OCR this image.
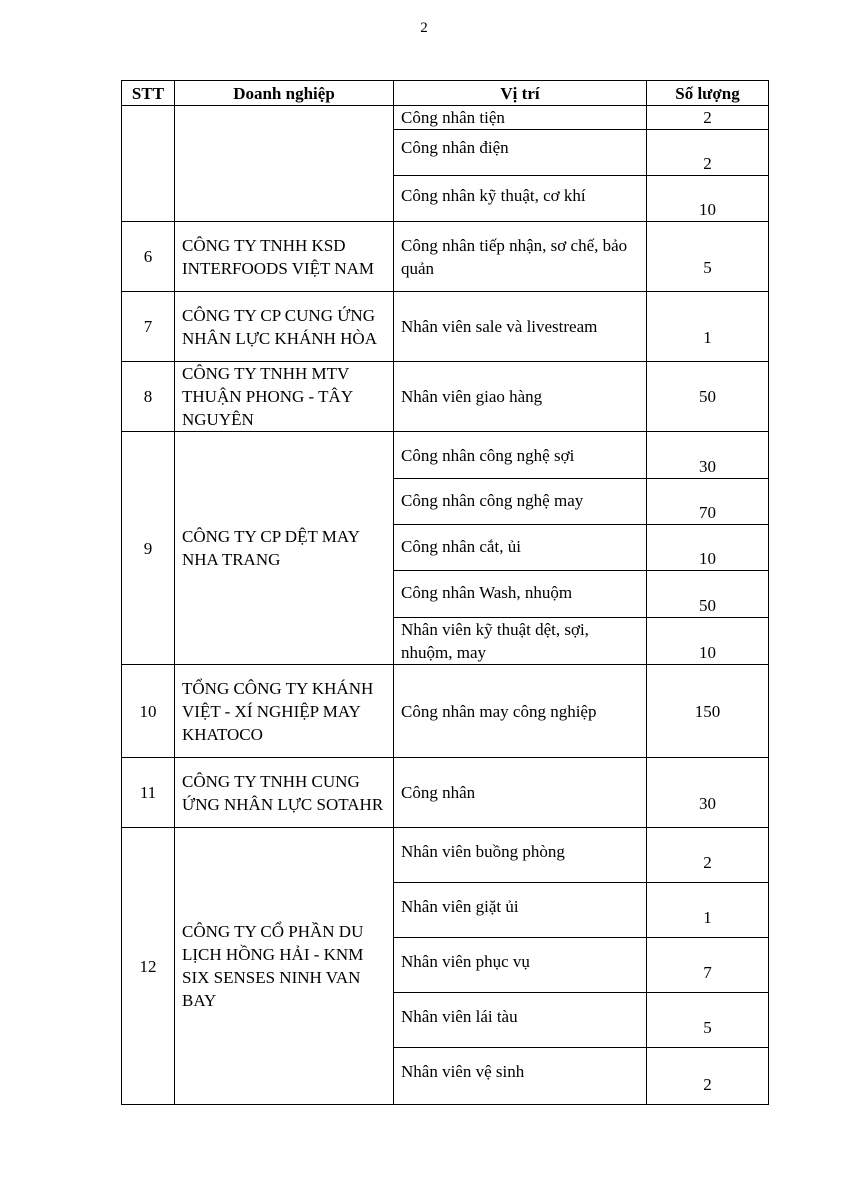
2
STT	Doanh nghiệp	Vị trí	Số lượng
		Công nhân tiện	2
		Công nhân điện	2
		Công nhân kỹ thuật, cơ khí	10
6	CÔNG TY TNHH KSD INTERFOODS VIỆT NAM	Công nhân tiếp nhận, sơ chế, bảo quản	5
7	CÔNG TY CP CUNG ỨNG NHÂN LỰC KHÁNH HÒA	Nhân viên sale và livestream	1
8	CÔNG TY TNHH MTV THUẬN PHONG - TÂY NGUYÊN	Nhân viên giao hàng	50
9	CÔNG TY CP DỆT MAY NHA TRANG	Công nhân công nghệ sợi	30
		Công nhân công nghệ may	70
		Công nhân cắt, ủi	10
		Công nhân Wash, nhuộm	50
		Nhân viên kỹ thuật dệt, sợi, nhuộm, may	10
10	TỔNG CÔNG TY KHÁNH VIỆT - XÍ NGHIỆP MAY KHATOCO	Công nhân may công nghiệp	150
11	CÔNG TY TNHH CUNG ỨNG NHÂN LỰC SOTAHR	Công nhân	30
12	CÔNG TY CỔ PHẦN DU LỊCH HỒNG HẢI - KNM SIX SENSES NINH VAN BAY	Nhân viên buồng phòng	2
		Nhân viên giặt ủi	1
		Nhân viên phục vụ	7
		Nhân viên lái tàu	5
		Nhân viên vệ sinh	2
